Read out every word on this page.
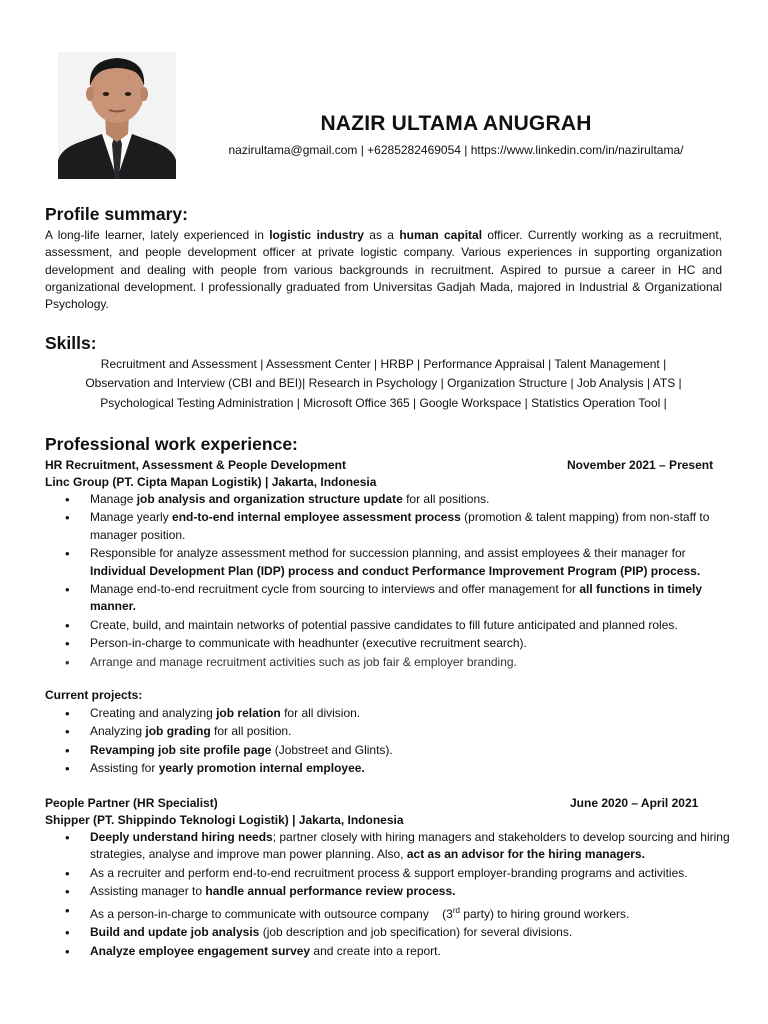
NAZIR ULTAMA ANUGRAH
nazirultama@gmail.com | +6285282469054 | https://www.linkedin.com/in/nazirultama/
Profile summary:
A long-life learner, lately experienced in logistic industry as a human capital officer. Currently working as a recruitment, assessment, and people development officer at private logistic company. Various experiences in supporting organization development and dealing with people from various backgrounds in recruitment. Aspired to pursue a career in HC and organizational development. I professionally graduated from Universitas Gadjah Mada, majored in Industrial & Organizational Psychology.
Skills:
Recruitment and Assessment | Assessment Center | HRBP | Performance Appraisal | Talent Management |
Observation and Interview (CBI and BEI)| Research in Psychology | Organization Structure | Job Analysis | ATS |
Psychological Testing Administration | Microsoft Office 365 | Google Workspace | Statistics Operation Tool |
Professional work experience:
HR Recruitment, Assessment & People Development	November 2021 – Present
Linc Group (PT. Cipta Mapan Logistik) | Jakarta, Indonesia
• Manage job analysis and organization structure update for all positions.
• Manage yearly end-to-end internal employee assessment process (promotion & talent mapping) from non-staff to manager position.
• Responsible for analyze assessment method for succession planning, and assist employees & their manager for Individual Development Plan (IDP) process and conduct Performance Improvement Program (PIP) process.
• Manage end-to-end recruitment cycle from sourcing to interviews and offer management for all functions in timely manner.
• Create, build, and maintain networks of potential passive candidates to fill future anticipated and planned roles.
• Person-in-charge to communicate with headhunter (executive recruitment search).
• Arrange and manage recruitment activities such as job fair & employer branding.
Current projects:
• Creating and analyzing job relation for all division.
• Analyzing job grading for all position.
• Revamping job site profile page (Jobstreet and Glints).
• Assisting for yearly promotion internal employee.
People Partner (HR Specialist)	June 2020 – April 2021
Shipper (PT. Shippindo Teknologi Logistik) | Jakarta, Indonesia
• Deeply understand hiring needs; partner closely with hiring managers and stakeholders to develop sourcing and hiring strategies, analyse and improve man power planning. Also, act as an advisor for the hiring managers.
• As a recruiter and perform end-to-end recruitment process & support employer-branding programs and activities.
• Assisting manager to handle annual performance review process.
• As a person-in-charge to communicate with outsource company    (3rd party) to hiring ground workers.
• Build and update job analysis (job description and job specification) for several divisions.
• Analyze employee engagement survey and create into a report.
